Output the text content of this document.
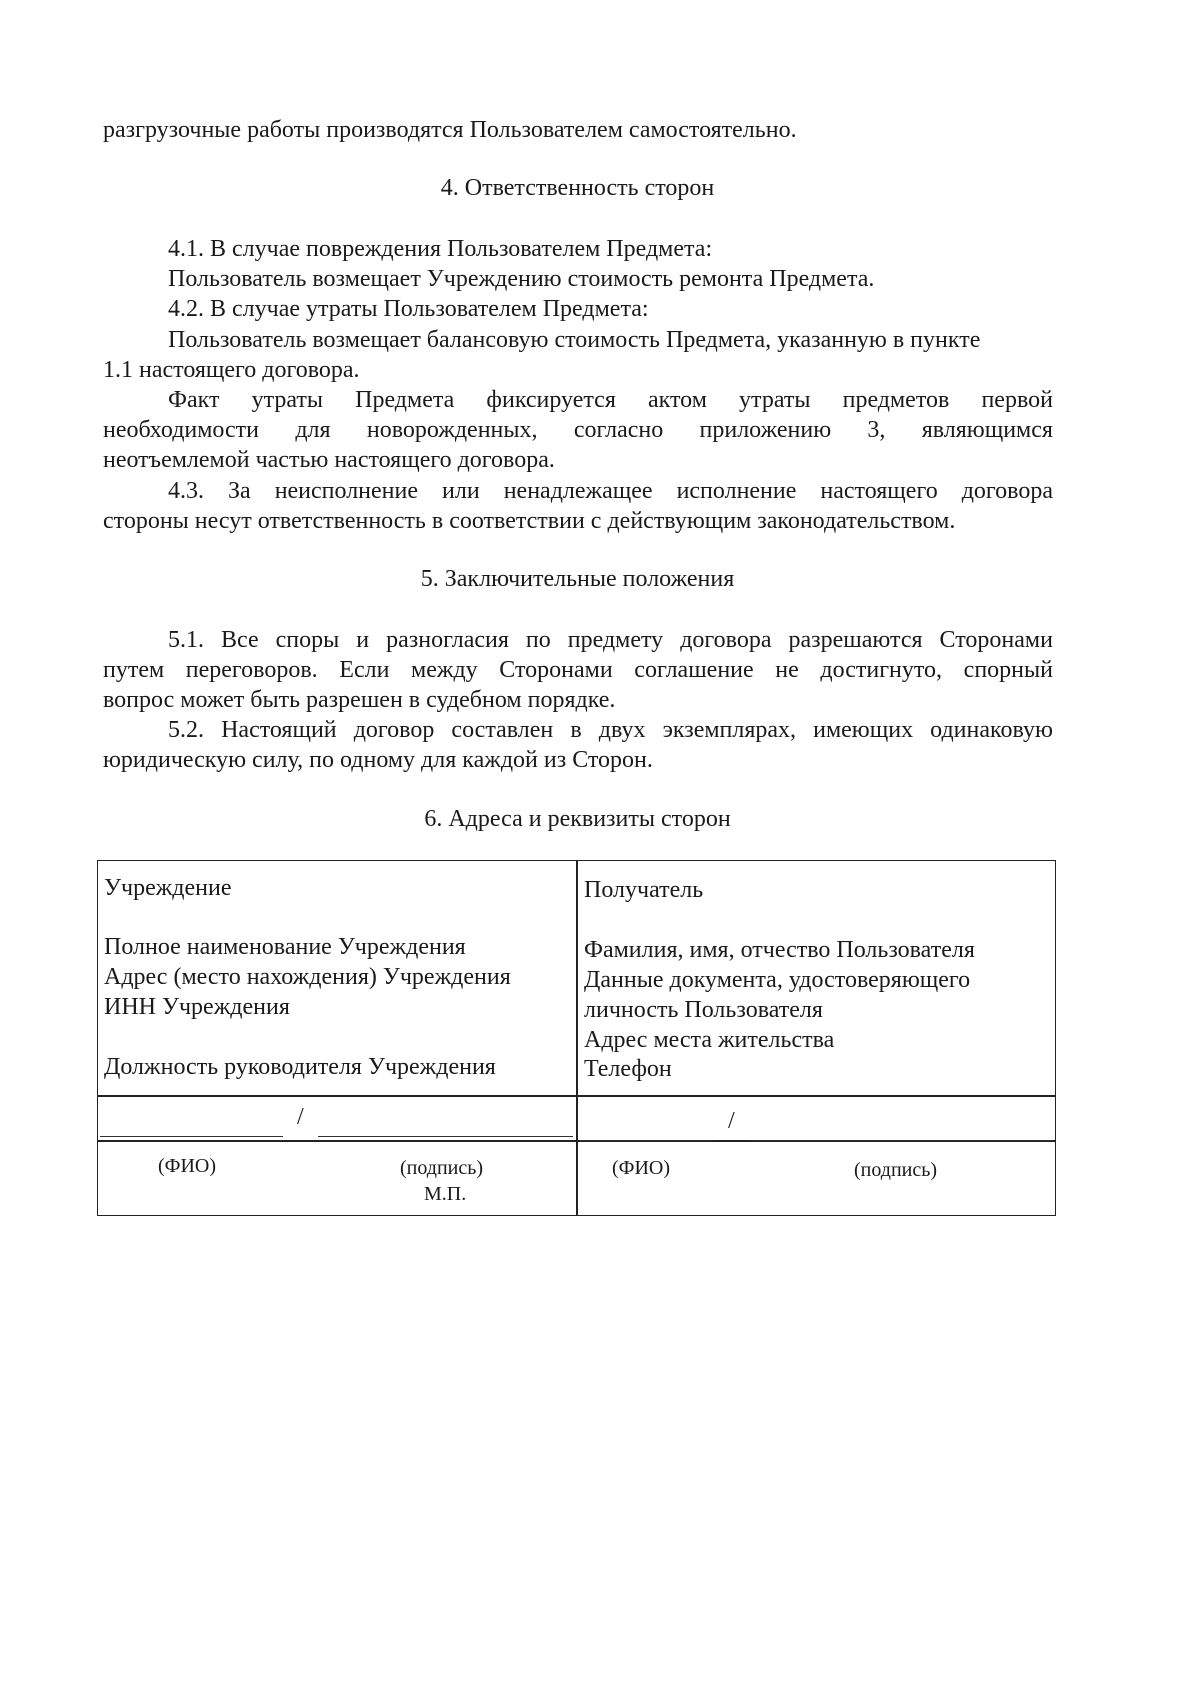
разгрузочные работы производятся Пользователем самостоятельно.
4. Ответственность сторон
4.1. В случае повреждения Пользователем Предмета:
Пользователь возмещает Учреждению стоимость ремонта Предмета.
4.2. В случае утраты Пользователем Предмета:
Пользователь возмещает балансовую стоимость Предмета, указанную в пункте
1.1 настоящего договора.
Факт утраты Предмета фиксируется актом утраты предметов первой
необходимости для новорожденных, согласно приложению 3, являющимся
неотъемлемой частью настоящего договора.
4.3. За неисполнение или ненадлежащее исполнение настоящего договора
стороны несут ответственность в соответствии с действующим законодательством.
5. Заключительные положения
5.1. Все споры и разногласия по предмету договора разрешаются Сторонами
путем переговоров. Если между Сторонами соглашение не достигнуто, спорный
вопрос может быть разрешен в судебном порядке.
5.2. Настоящий договор составлен в двух экземплярах, имеющих одинаковую
юридическую силу, по одному для каждой из Сторон.
6. Адреса и реквизиты сторон
Учреждение
Полное наименование Учреждения
Адрес (место нахождения) Учреждения
ИНН Учреждения
Должность руководителя Учреждения
/
(ФИО)	(подпись)
М.П.
Получатель
Фамилия, имя, отчество Пользователя
Данные документа, удостоверяющего
личность Пользователя
Адрес места жительства
Телефон
/
(ФИО)	(подпись)
